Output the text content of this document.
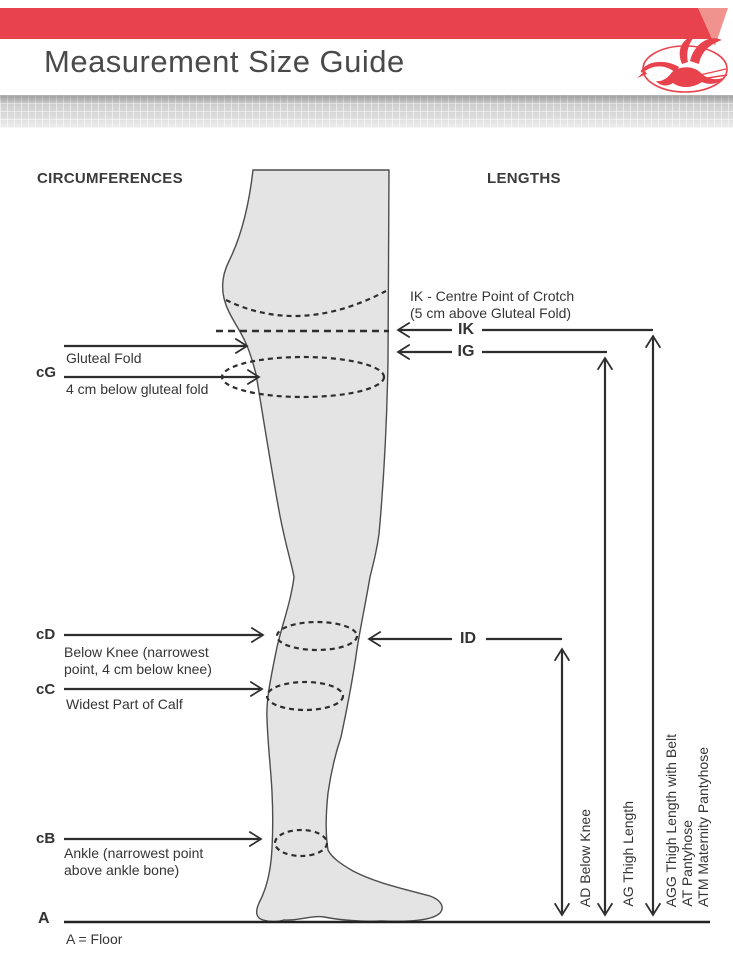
Measurement Size Guide
CIRCUMFERENCES	LENGTHS
IK - Centre Point of Crotch
(5 cm above Gluteal Fold)
IK
IG
ID
Gluteal Fold
cG
4 cm below gluteal fold
cD
Below Knee (narrowest point, 4 cm below knee)
cC
Widest Part of Calf
cB
Ankle (narrowest point above ankle bone)
A
A = Floor
AD Below Knee AG Thigh Length AGG Thigh Length with Belt AT Pantyhose ATM Maternity Pantyhose
